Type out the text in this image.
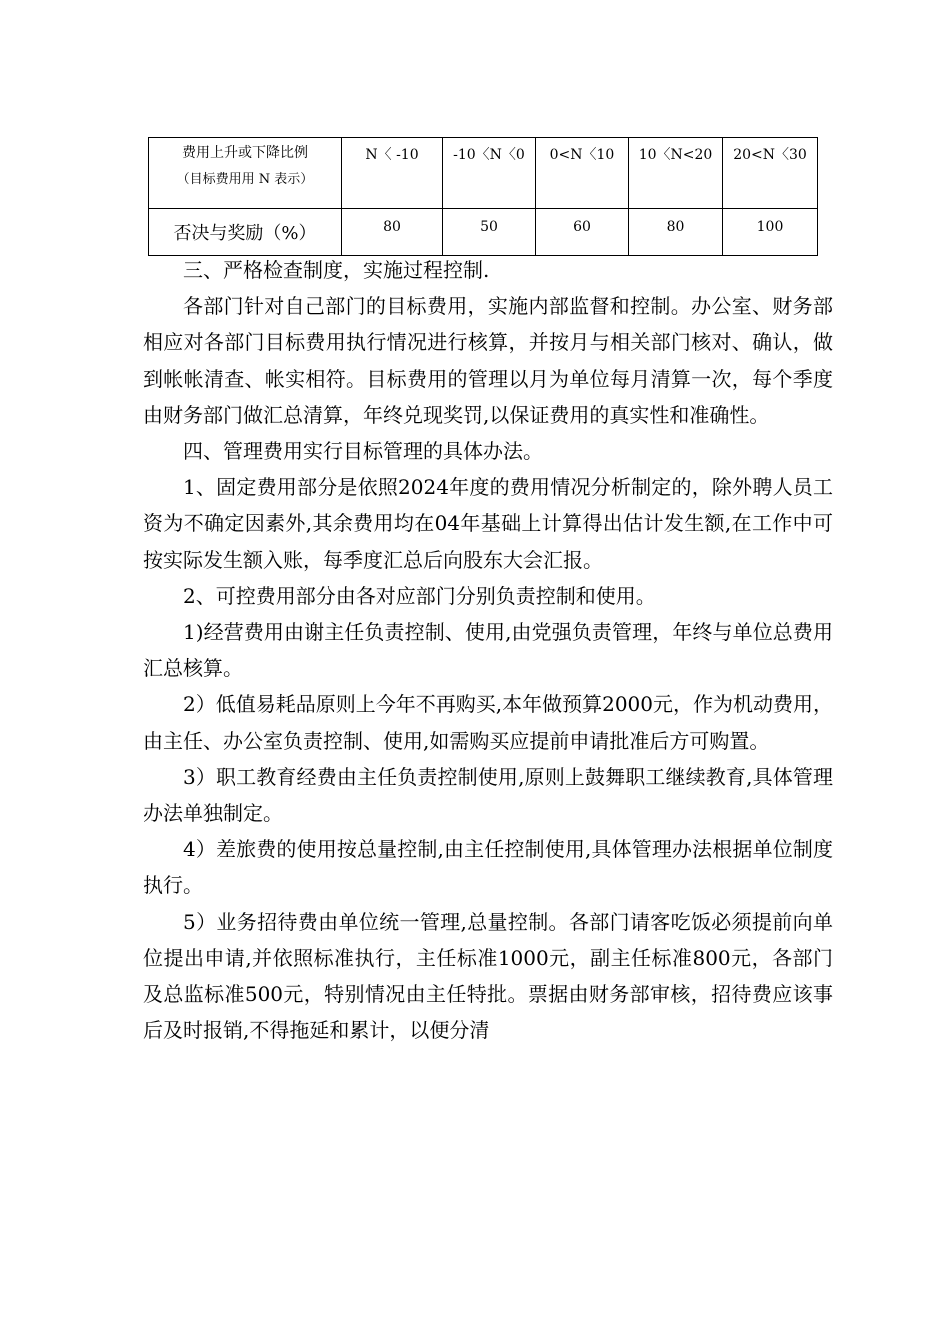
费用上升或下降比例
（目标费用用 N 表示）	N〈 -10	-10〈N〈0	0<N〈10	10〈N<20	20<N〈30
否决与奖励（%）	80	50	60	80	100

三、严格检查制度，实施过程控制.

各部门针对自己部门的目标费用，实施内部监督和控制。办公室、财务部相应对各部门目标费用执行情况进行核算，并按月与相关部门核对、确认，做到帐帐清查、帐实相符。目标费用的管理以月为单位每月清算一次，每个季度由财务部门做汇总清算，年终兑现奖罚,以保证费用的真实性和准确性。

四、管理费用实行目标管理的具体办法。

1、固定费用部分是依照2024年度的费用情况分析制定的，除外聘人员工资为不确定因素外,其余费用均在04年基础上计算得出估计发生额,在工作中可按实际发生额入账，每季度汇总后向股东大会汇报。

2、可控费用部分由各对应部门分别负责控制和使用。

1)经营费用由谢主任负责控制、使用,由党强负责管理，年终与单位总费用汇总核算。

2）低值易耗品原则上今年不再购买,本年做预算2000元，作为机动费用，由主任、办公室负责控制、使用,如需购买应提前申请批准后方可购置。

3）职工教育经费由主任负责控制使用,原则上鼓舞职工继续教育,具体管理办法单独制定。

4）差旅费的使用按总量控制,由主任控制使用,具体管理办法根据单位制度执行。

5）业务招待费由单位统一管理,总量控制。各部门请客吃饭必须提前向单位提出申请,并依照标准执行，主任标准1000元，副主任标准800元，各部门及总监标准500元，特别情况由主任特批。票据由财务部审核，招待费应该事后及时报销,不得拖延和累计，以便分清
